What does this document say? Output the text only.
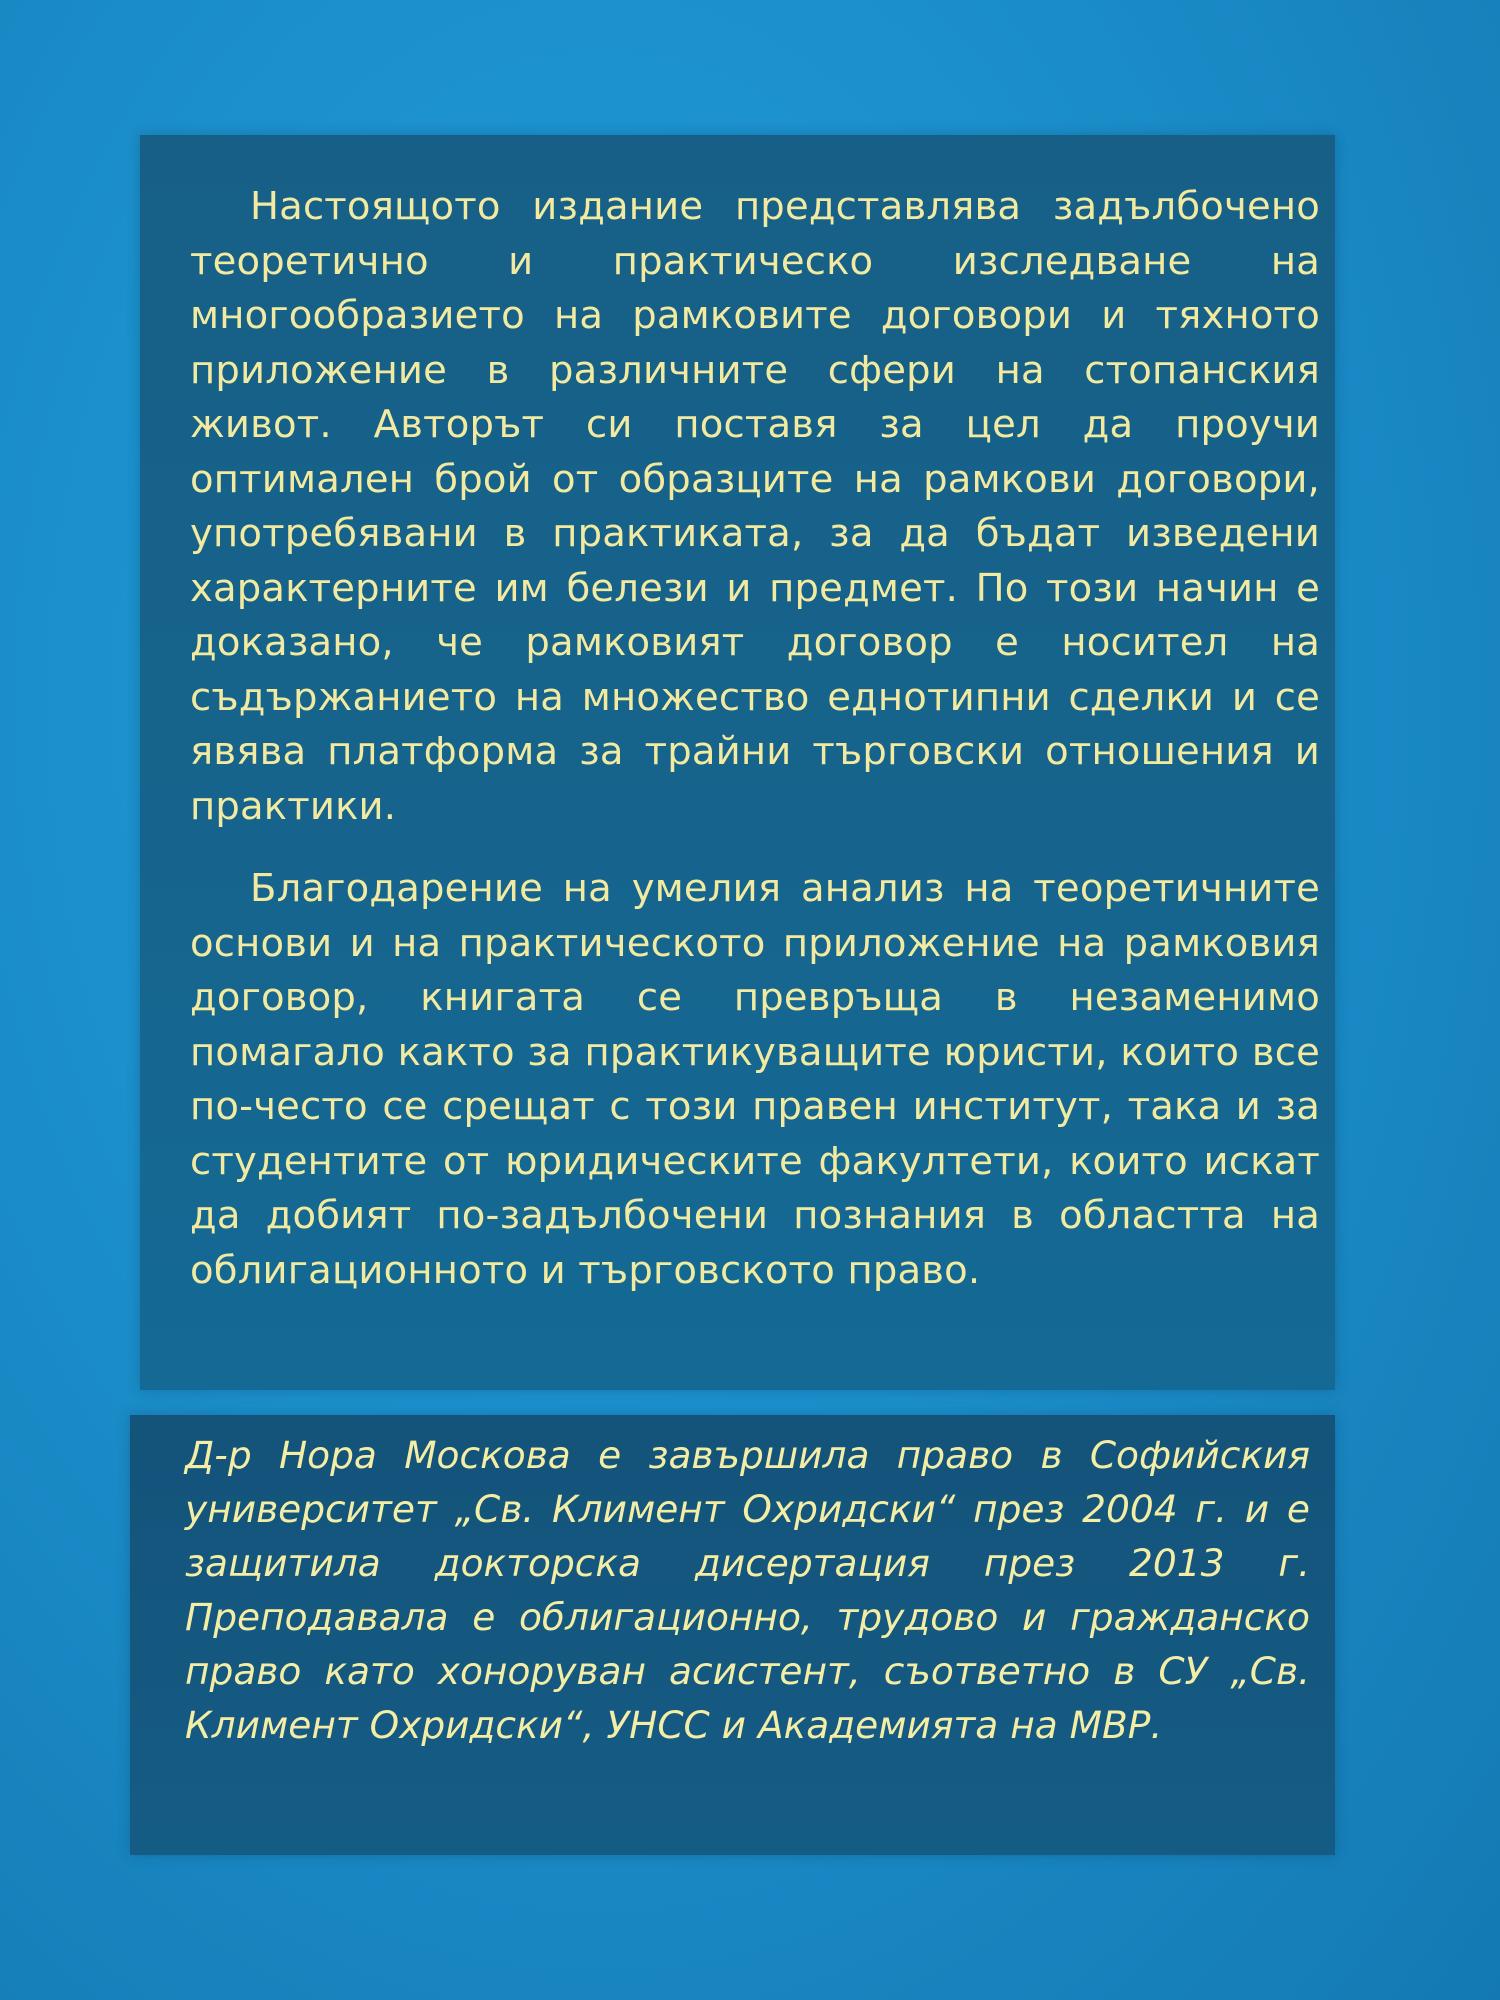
Настоящото издание представлява задълбочено теоретично и практическо изследване на многообразието на рамковите договори и тяхното приложение в различните сфери на стопанския живот. Авторът си поставя за цел да проучи оптимален брой от образците на рамкови договори, употребявани в практиката, за да бъдат изведени характерните им белези и предмет. По този начин е доказано, че рамковият договор е носител на съдържанието на множество еднотипни сделки и се явява платформа за трайни търговски отношения и практики.

Благодарение на умелия анализ на теоретичните основи и на практическото приложение на рамковия договор, книгата се превръща в незаменимо помагало както за практикуващите юристи, които все по-често се срещат с този правен институт, така и за студентите от юридическите факултети, които искат да добият по-задълбочени познания в областта на облигационното и търговското право.

Д-р Нора Москова е завършила право в Софийския университет „Св. Климент Охридски“ през 2004 г. и е защитила докторска дисертация през 2013 г. Преподавала е облигационно, трудово и гражданско право като хоноруван асистент, съответно в СУ „Св. Климент Охридски“, УНСС и Академията на МВР.
